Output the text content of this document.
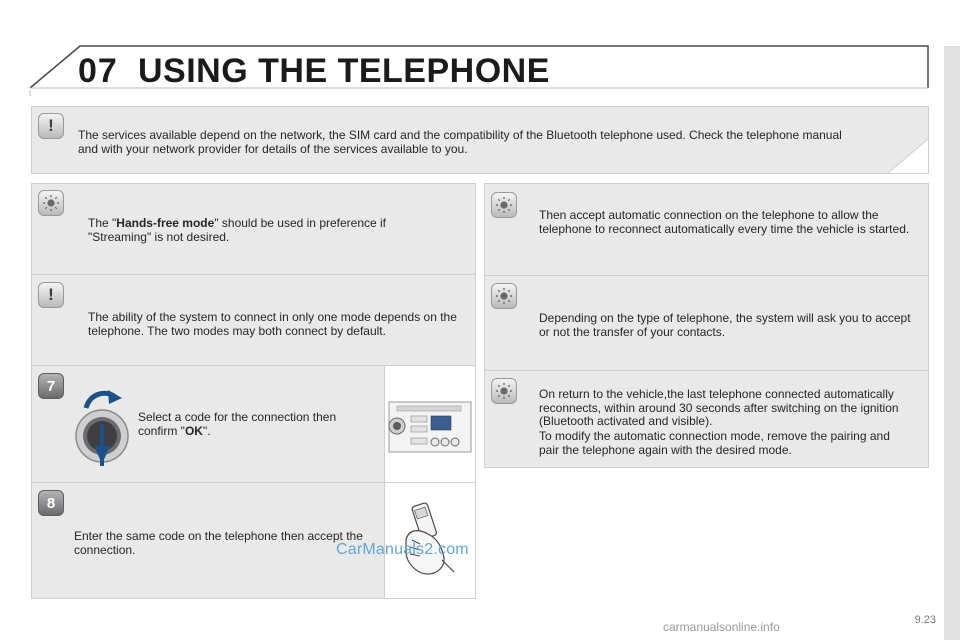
07 USING THE TELEPHONE
! The services available depend on the network, the SIM card and the compatibility of the Bluetooth telephone used. Check the telephone manual and with your network provider for details of the services available to you.
The "Hands-free mode" should be used in preference if "Streaming" is not desired.
!
The ability of the system to connect in only one mode depends on the telephone. The two modes may both connect by default.
7
Select a code for the connection then confirm "OK".
8
Enter the same code on the telephone then accept the connection.	CarManuals2.com
Then accept automatic connection on the telephone to allow the telephone to reconnect automatically every time the vehicle is started.
Depending on the type of telephone, the system will ask you to accept or not the transfer of your contacts.
On return to the vehicle,the last telephone connected automatically reconnects, within around 30 seconds after switching on the ignition (Bluetooth activated and visible).
To modify the automatic connection mode, remove the pairing and pair the telephone again with the desired mode.
9.23
carmanualsonline.info
